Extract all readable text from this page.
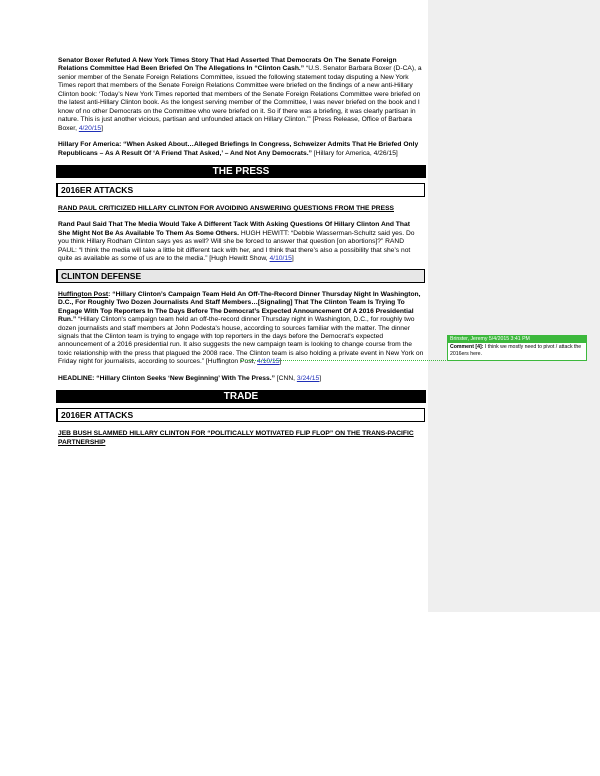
Senator Boxer Refuted A New York Times Story That Had Asserted That Democrats On The Senate Foreign Relations Committee Had Been Briefed On The Allegations In “Clinton Cash.” “U.S. Senator Barbara Boxer (D-CA), a senior member of the Senate Foreign Relations Committee, issued the following statement today disputing a New York Times report that members of the Senate Foreign Relations Committee were briefed on the findings of a new anti-Hillary Clinton book: ‘Today’s New York Times reported that members of the Senate Foreign Relations Committee were briefed on the latest anti-Hillary Clinton book. As the longest serving member of the Committee, I was never briefed on the book and I know of no other Democrats on the Committee who were briefed on it. So if there was a briefing, it was clearly partisan in nature. This is just another vicious, partisan and unfounded attack on Hillary Clinton.’” [Press Release, Office of Barbara Boxer, 4/20/15]

Hillary For America: “When Asked About…Alleged Briefings In Congress, Schweizer Admits That He Briefed Only Republicans – As A Result Of ‘A Friend That Asked,’ – And Not Any Democrats.” [Hillary for America, 4/26/15]

THE PRESS
2016ER ATTACKS

RAND PAUL CRITICIZED HILLARY CLINTON FOR AVOIDING ANSWERING QUESTIONS FROM THE PRESS

Rand Paul Said That The Media Would Take A Different Tack With Asking Questions Of Hillary Clinton And That She Might Not Be As Available To Them As Some Others. HUGH HEWITT: “Debbie Wasserman-Schultz said yes. Do you think Hillary Rodham Clinton says yes as well? Will she be forced to answer that question [on abortions]?” RAND PAUL: “I think the media will take a little bit different tack with her, and I think that there’s also a possibility that she’s not quite as available as some of us are to the media.” [Hugh Hewitt Show, 4/10/15]

CLINTON DEFENSE

Huffington Post: “Hillary Clinton’s Campaign Team Held An Off-The-Record Dinner Thursday Night In Washington, D.C., For Roughly Two Dozen Journalists And Staff Members…[Signaling] That The Clinton Team Is Trying To Engage With Top Reporters In The Days Before The Democrat’s Expected Announcement Of A 2016 Presidential Run.” “Hillary Clinton's campaign team held an off-the-record dinner Thursday night in Washington, D.C., for roughly two dozen journalists and staff members at John Podesta's house, according to sources familiar with the matter. The dinner signals that the Clinton team is trying to engage with top reporters in the days before the Democrat's expected announcement of a 2016 presidential run. It also suggests the new campaign team is looking to change course from the toxic relationship with the press that plagued the 2008 race. The Clinton team is also holding a private event in New York on Friday night for journalists, according to sources.” [Huffington Post, 4/10/15]

HEADLINE: “Hillary Clinton Seeks ‘New Beginning’ With The Press.” [CNN, 3/24/15]

TRADE
2016ER ATTACKS

JEB BUSH SLAMMED HILLARY CLINTON FOR “POLITICALLY MOTIVATED FLIP FLOP” ON THE TRANS-PACIFIC PARTNERSHIP

Brinster, Jeremy 5/4/2015 3:41 PM
Comment [4]: I think we mostly need to pivot / attack the 2016ers here.
